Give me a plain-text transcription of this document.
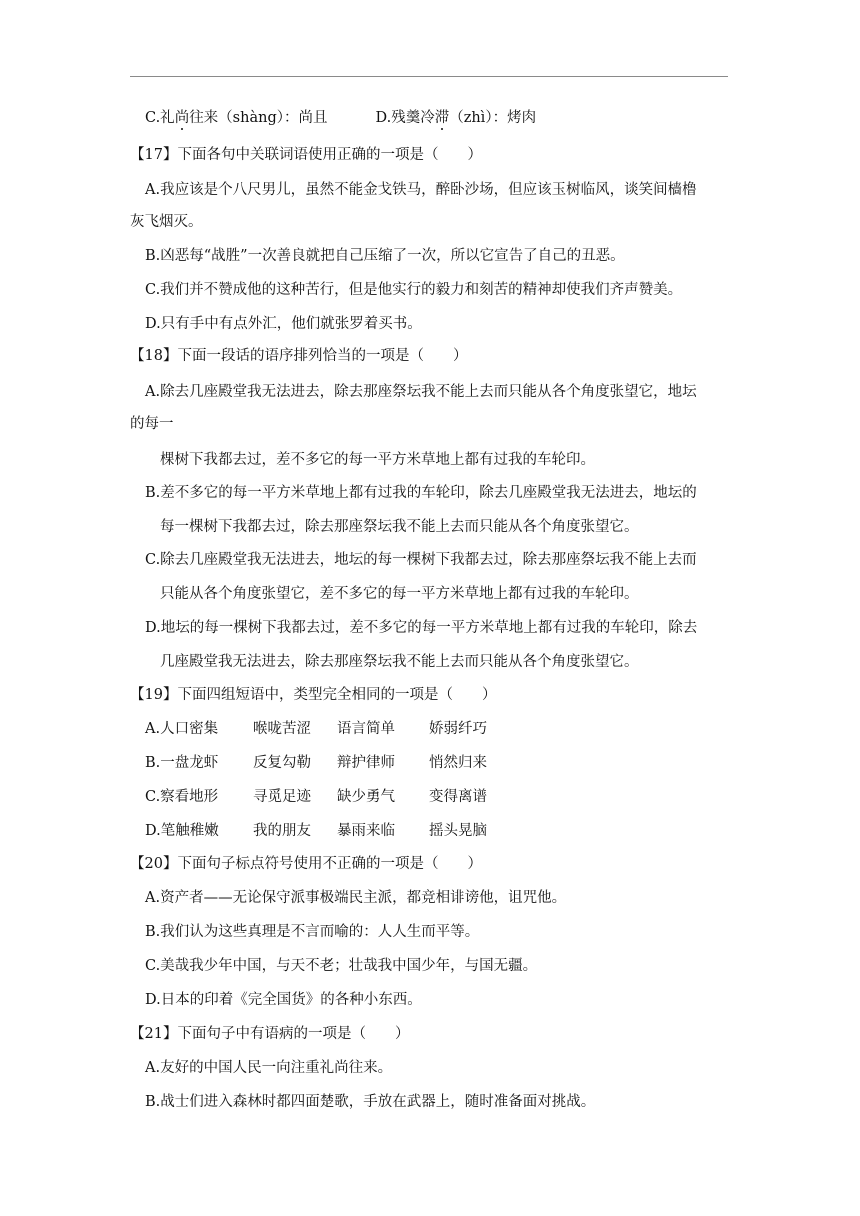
C.礼尚往来（shàng）：尚且	D.残羹冷滞（zhì）：烤肉
【17】下面各句中关联词语使用正确的一项是（　　）
A.我应该是个八尺男儿，虽然不能金戈铁马，醉卧沙场，但应该玉树临风，谈笑间樯橹
灰飞烟灭。
B.凶恶每“战胜”一次善良就把自己压缩了一次，所以它宣告了自己的丑恶。
C.我们并不赞成他的这种苦行，但是他实行的毅力和刻苦的精神却使我们齐声赞美。
D.只有手中有点外汇，他们就张罗着买书。
【18】下面一段话的语序排列恰当的一项是（　　）
A.除去几座殿堂我无法进去，除去那座祭坛我不能上去而只能从各个角度张望它，地坛
的每一
棵树下我都去过，差不多它的每一平方米草地上都有过我的车轮印。
B.差不多它的每一平方米草地上都有过我的车轮印，除去几座殿堂我无法进去，地坛的
每一棵树下我都去过，除去那座祭坛我不能上去而只能从各个角度张望它。
C.除去几座殿堂我无法进去，地坛的每一棵树下我都去过，除去那座祭坛我不能上去而
只能从各个角度张望它，差不多它的每一平方米草地上都有过我的车轮印。
D.地坛的每一棵树下我都去过，差不多它的每一平方米草地上都有过我的车轮印，除去
几座殿堂我无法进去，除去那座祭坛我不能上去而只能从各个角度张望它。
【19】下面四组短语中，类型完全相同的一项是（　　）
A.人口密集 喉咙苦涩 语言简单 娇弱纤巧
B.一盘龙虾 反复勾勒 辩护律师 悄然归来
C.察看地形 寻觅足迹 缺少勇气 变得离谱
D.笔触稚嫩 我的朋友 暴雨来临 摇头晃脑
【20】下面句子标点符号使用不正确的一项是（　　）
A.资产者——无论保守派事极端民主派，都竞相诽谤他，诅咒他。
B.我们认为这些真理是不言而喻的：人人生而平等。
C.美哉我少年中国，与天不老；壮哉我中国少年，与国无疆。
D.日本的印着《完全国货》的各种小东西。
【21】下面句子中有语病的一项是（　　）
A.友好的中国人民一向注重礼尚往来。
B.战士们进入森林时都四面楚歌，手放在武器上，随时准备面对挑战。
